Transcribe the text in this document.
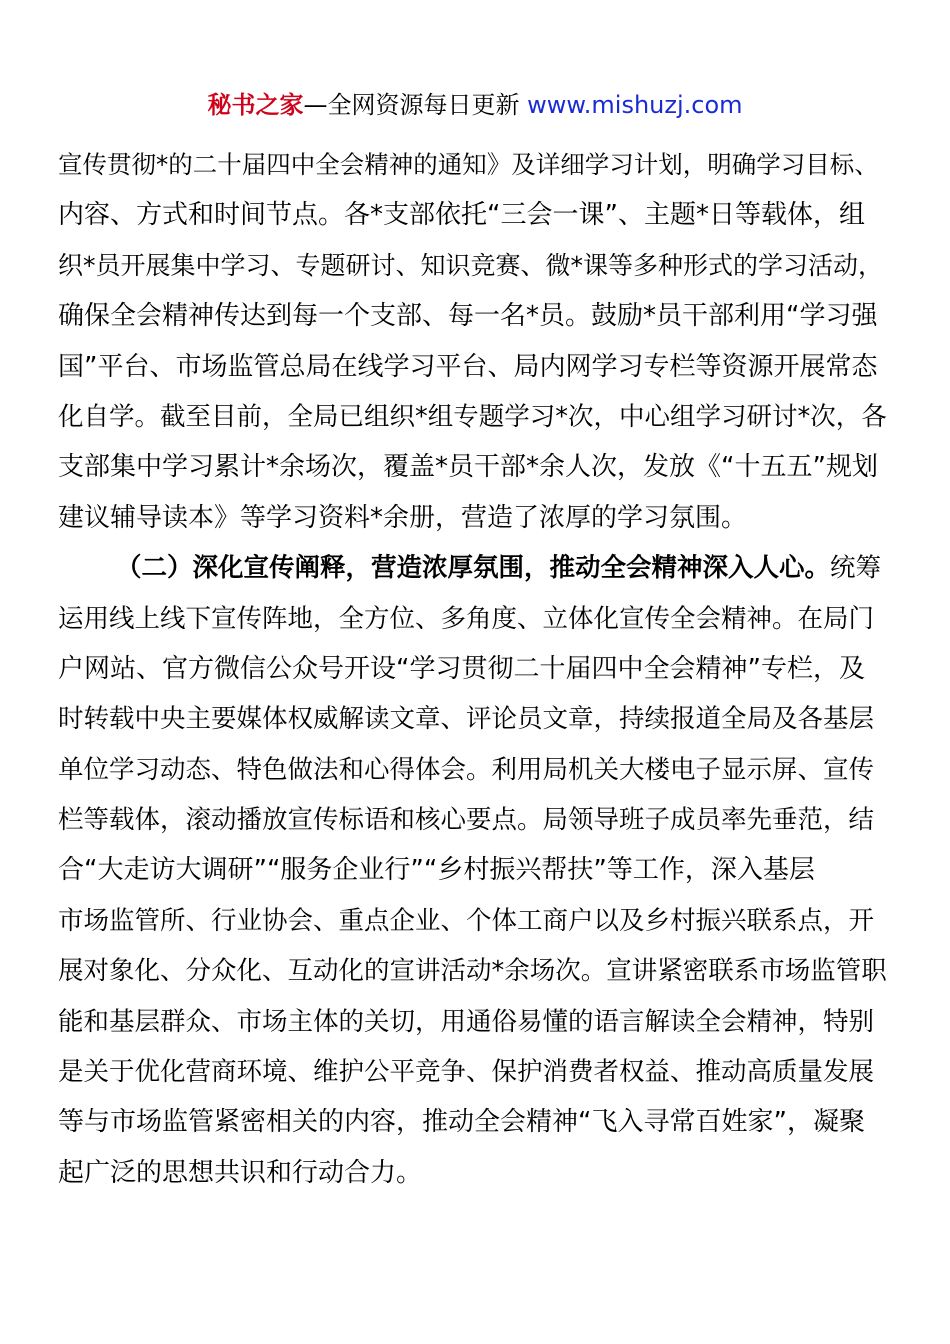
秘书之家—全网资源每日更新 www.mishuzj.com
宣传贯彻*的二十届四中全会精神的通知》及详细学习计划，明确学习目标、
内容、方式和时间节点。各*支部依托“三会一课”、主题*日等载体，组
织*员开展集中学习、专题研讨、知识竞赛、微*课等多种形式的学习活动，
确保全会精神传达到每一个支部、每一名*员。鼓励*员干部利用“学习强
国”平台、市场监管总局在线学习平台、局内网学习专栏等资源开展常态
化自学。截至目前，全局已组织*组专题学习*次，中心组学习研讨*次，各
支部集中学习累计*余场次，覆盖*员干部*余人次，发放《“十五五”规划
建议辅导读本》等学习资料*余册，营造了浓厚的学习氛围。
（二）深化宣传阐释，营造浓厚氛围，推动全会精神深入人心。统筹
运用线上线下宣传阵地，全方位、多角度、立体化宣传全会精神。在局门
户网站、官方微信公众号开设“学习贯彻二十届四中全会精神”专栏，及
时转载中央主要媒体权威解读文章、评论员文章，持续报道全局及各基层
单位学习动态、特色做法和心得体会。利用局机关大楼电子显示屏、宣传
栏等载体，滚动播放宣传标语和核心要点。局领导班子成员率先垂范，结
合“大走访大调研”“服务企业行”“乡村振兴帮扶”等工作，深入基层
市场监管所、行业协会、重点企业、个体工商户以及乡村振兴联系点，开
展对象化、分众化、互动化的宣讲活动*余场次。宣讲紧密联系市场监管职
能和基层群众、市场主体的关切，用通俗易懂的语言解读全会精神，特别
是关于优化营商环境、维护公平竞争、保护消费者权益、推动高质量发展
等与市场监管紧密相关的内容，推动全会精神“飞入寻常百姓家”，凝聚
起广泛的思想共识和行动合力。
